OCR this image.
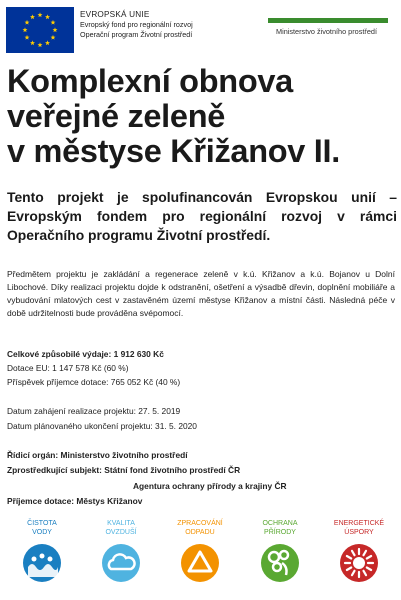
EVROPSKÁ UNIE
Evropský fond pro regionální rozvoj
Operační program Životní prostředí	Ministerstvo životního prostředí
Komplexní obnova
veřejné zeleně
v městyse Křižanov II.
Tento projekt je spolufinancován Evropskou unií – Evropským fondem pro regionální rozvoj v rámci Operačního programu Životní prostředí.
Předmětem projektu je zakládání a regenerace zeleně v k.ú. Křižanov a k.ú. Bojanov u Dolní Libochové. Díky realizaci projektu dojde k odstranění, ošetření a výsadbě dřevin, doplnění mobiliáře a vybudování mlatových cest v zastavěném území městyse Křižanov a místní části. Následná péče v době udržitelnosti bude prováděna svépomocí.
Celkové způsobilé výdaje: 1 912 630 Kč
Dotace EU: 1 147 578 Kč (60 %)
Příspěvek příjemce dotace: 765 052 Kč (40 %)
Datum zahájení realizace projektu: 27. 5. 2019
Datum plánovaného ukončení projektu: 31. 5. 2020
Řídicí orgán: Ministerstvo životního prostředí
Zprostředkující subjekt: Státní fond životního prostředí ČR
Agentura ochrany přírody a krajiny ČR
Příjemce dotace: Městys Křižanov
ČISTOTA
VODY
KVALITA
OVZDUŠÍ
ZPRACOVÁNÍ
ODPADU
OCHRANA
PŘÍRODY
ENERGETICKÉ
ÚSPORY
